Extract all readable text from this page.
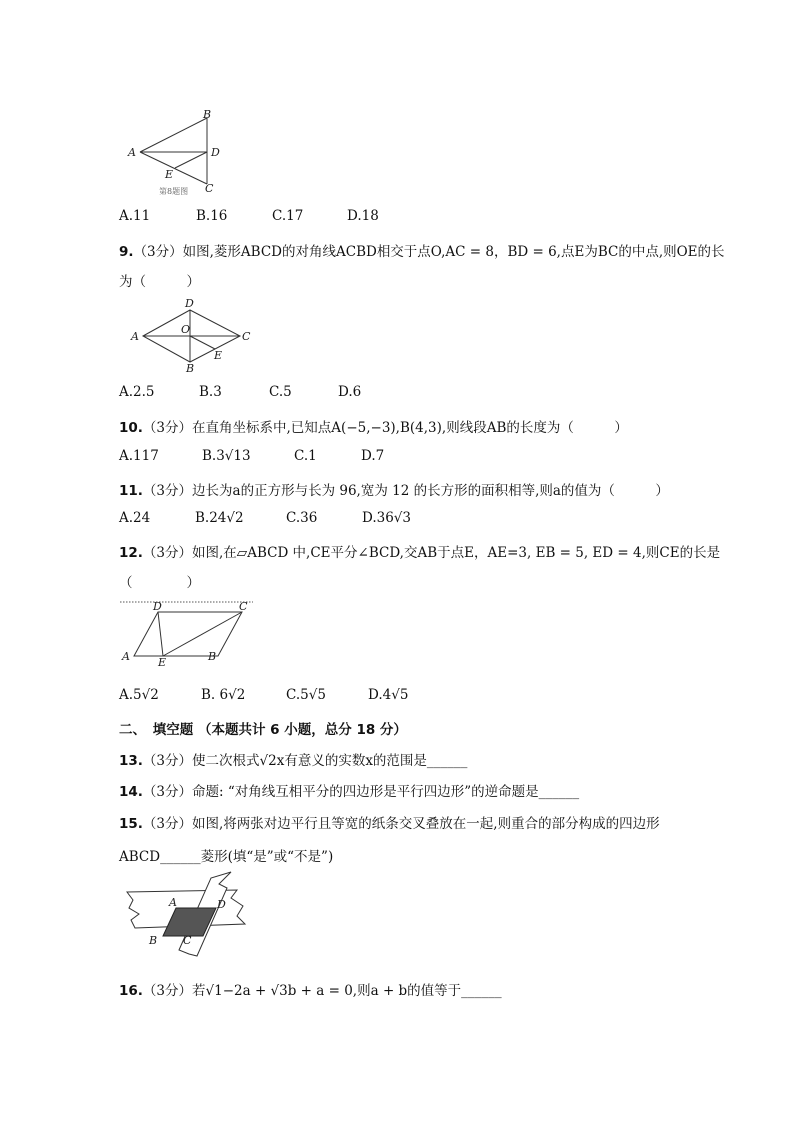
B
A	D
E
C
第8题图
A.11	B.16	C.17	D.18
9.（3分）如图,菱形ABCD的对角线ACBD相交于点O,AC = 8，BD = 6,点E为BC的中点,则OE的长
为（　　　）
D
A
O
C
E
B
A.2.5	B.3	C.5	D.6
10.（3分）在直角坐标系中,已知点A(−5,−3),B(4,3),则线段AB的长度为（　　　）
A.117	B.3√13	C.1	D.7
11.（3分）边长为a的正方形与长为 96,宽为 12 的长方形的面积相等,则a的值为（　　　）
A.24	B.24√2	C.36	D.36√3
12.（3分）如图,在▱ABCD 中,CE平分∠BCD,交AB于点E，AE=3, EB = 5, ED = 4,则CE的长是
（　　　　）
D	C
A	E	B
A.5√2	B. 6√2	C.5√5	D.4√5
二、　填空题 （本题共计 6 小题，总分 18 分）
13.（3分）使二次根式√2x有意义的实数x的范围是______
14.（3分）命题: “对角线互相平分的四边形是平行四边形”的逆命题是______
15.（3分）如图,将两张对边平行且等宽的纸条交叉叠放在一起,则重合的部分构成的四边形
ABCD______菱形(填“是”或“不是”)
A	D
B C
16.（3分）若√1−2a + √3b + a = 0,则a + b的值等于______
